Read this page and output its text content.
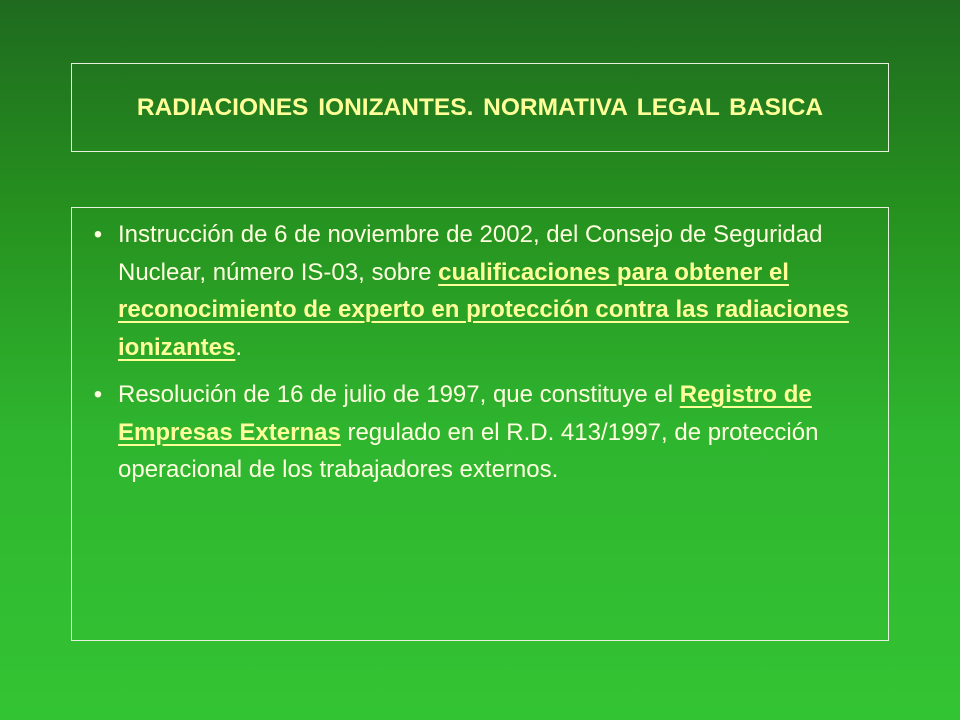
RADIACIONES IONIZANTES. NORMATIVA LEGAL BASICA
• Instrucción de 6 de noviembre de 2002, del Consejo de Seguridad Nuclear, número IS-03, sobre cualificaciones para obtener el reconocimiento de experto en protección contra las radiaciones ionizantes.
• Resolución de 16 de julio de 1997, que constituye el Registro de Empresas Externas regulado en el R.D. 413/1997, de protección operacional de los trabajadores externos.
